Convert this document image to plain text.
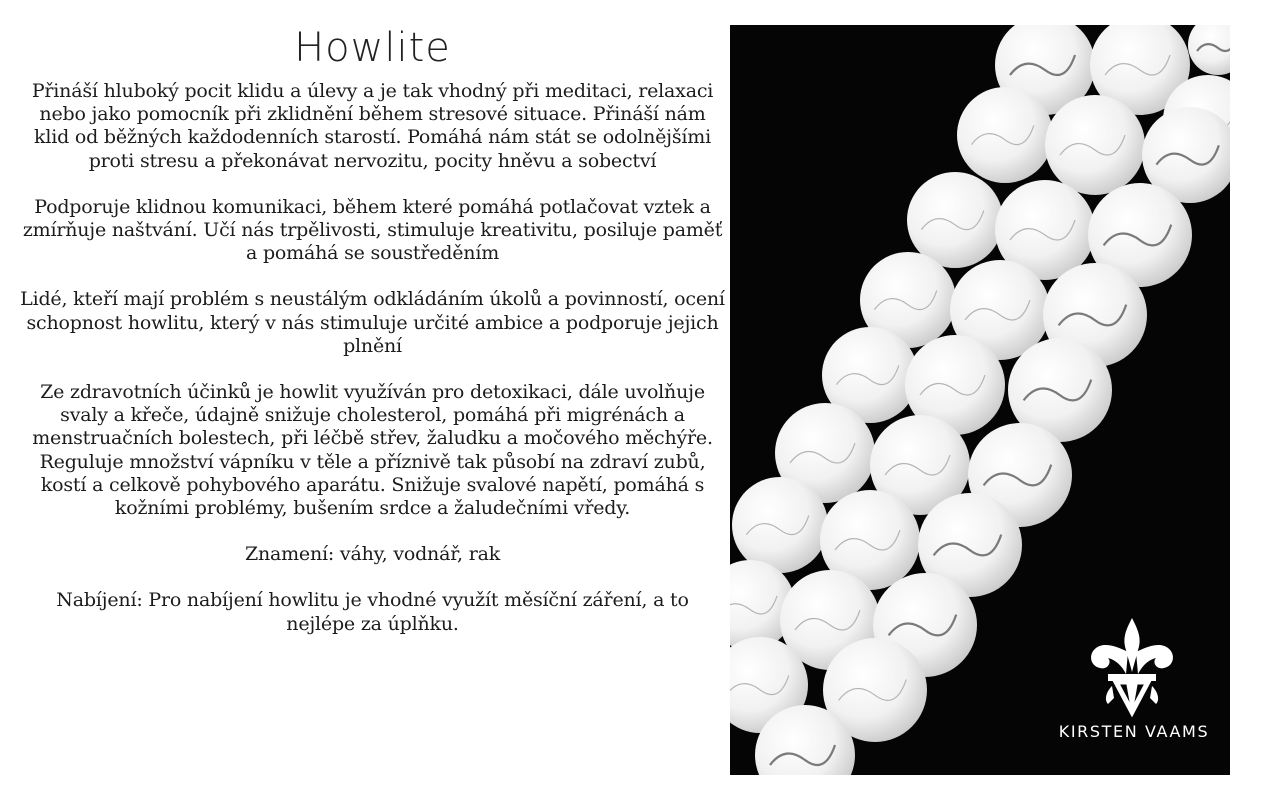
Howlite

Přináší hluboký pocit klidu a úlevy a je tak vhodný při meditaci, relaxaci nebo jako pomocník při zklidnění během stresové situace. Přináší nám klid od běžných každodenních starostí. Pomáhá nám stát se odolnějšími proti stresu a překonávat nervozitu, pocity hněvu a sobectví

Podporuje klidnou komunikaci, během které pomáhá potlačovat vztek a zmírňuje naštvání. Učí nás trpělivosti, stimuluje kreativitu, posiluje paměť a pomáhá se soustředěním

Lidé, kteří mají problém s neustálým odkládáním úkolů a povinností, ocení schopnost howlitu, který v nás stimuluje určité ambice a podporuje jejich plnění

Ze zdravotních účinků je howlit využíván pro detoxikaci, dále uvolňuje svaly a křeče, údajně snižuje cholesterol, pomáhá při migrénách a menstruačních bolestech, při léčbě střev, žaludku a močového měchýře. Reguluje množství vápníku v těle a příznivě tak působí na zdraví zubů, kostí a celkově pohybového aparátu. Snižuje svalové napětí, pomáhá s kožními problémy, bušením srdce a žaludečními vředy.

Znamení: váhy, vodnář, rak

Nabíjení: Pro nabíjení howlitu je vhodné využít měsíční záření, a to nejlépe za úplňku.

KIRSTEN VAAMS
